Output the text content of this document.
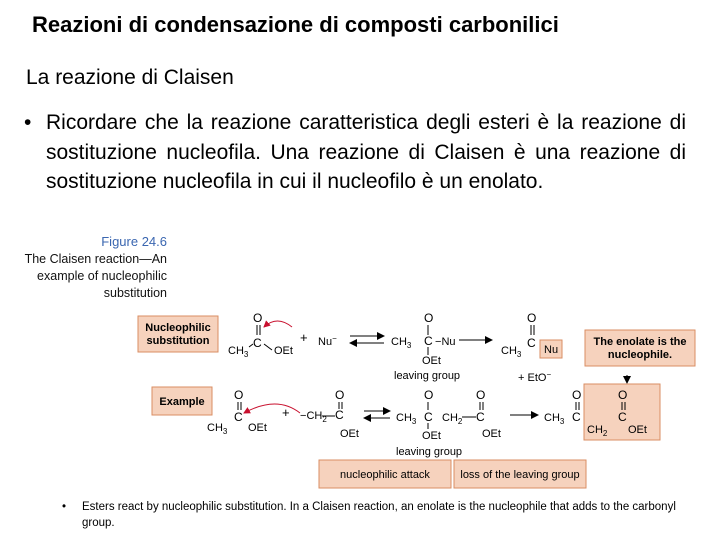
Reazioni di condensazione di composti carbonilici
La reazione di Claisen
• Ricordare che la reazione caratteristica degli esteri è la reazione di sostituzione nucleofila. Una reazione di Claisen è una reazione di sostituzione nucleofila in cui il nucleofilo è un enolato.
Figure 24.6
The Claisen reaction—An example of nucleophilic substitution
Nucleophilic
substitution
O
C
$CH_3$ OEt
+ Nu−
O
C
$CH_3 -Nu$
OEt
leaving group
O
C
$CH_3$ Nu
+ EtO−
The enolate is the
nucleophile.
Example O
C
$CH_3$ OEt
+ $-CH_2$ C
O
OEt
O
C
$CH_3$ $CH_2$ C
O
OEt
OEt
leaving group
$CH_3$
O
C
$CH_2$
O
C
OEt
nucleophilic attack	loss of the leaving group
• Esters react by nucleophilic substitution. In a Claisen reaction, an enolate is the nucleophile that adds to the carbonyl group.
